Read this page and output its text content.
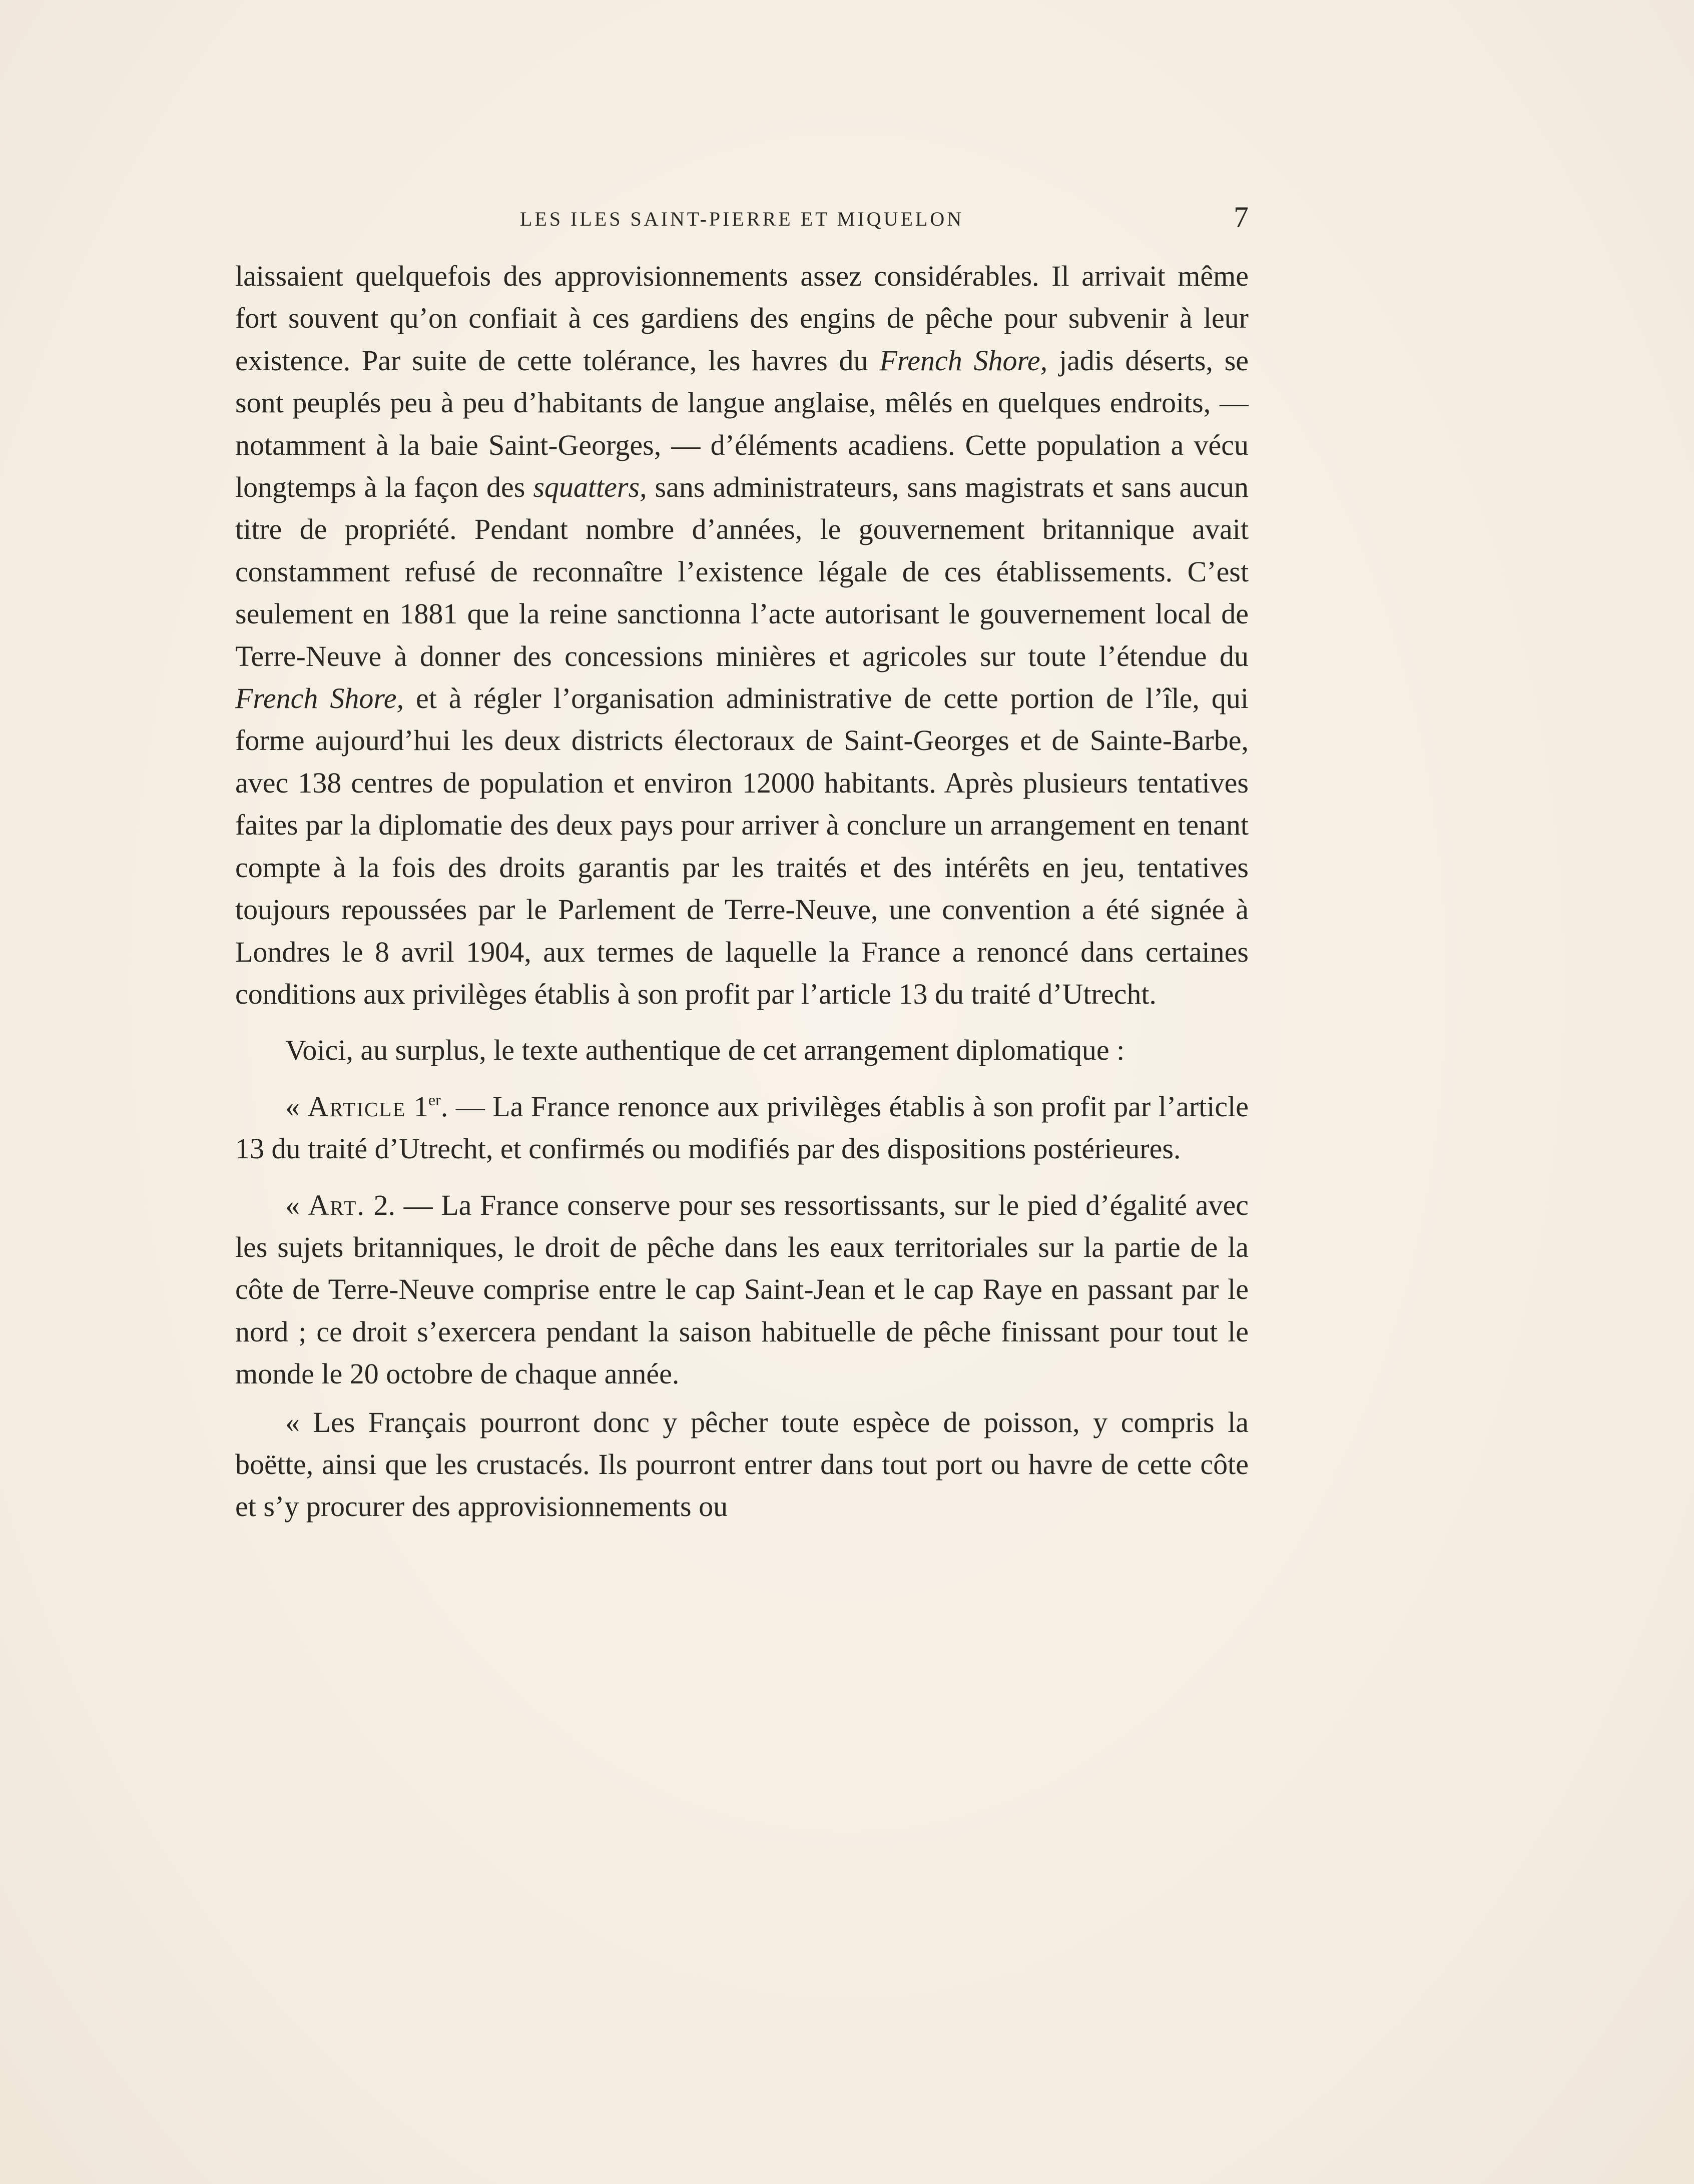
LES ILES SAINT-PIERRE ET MIQUELON	7

laissaient quelquefois des approvisionnements assez considérables. Il arrivait même fort souvent qu’on confiait à ces gardiens des engins de pêche pour subvenir à leur existence. Par suite de cette tolérance, les havres du French Shore, jadis déserts, se sont peuplés peu à peu d’habitants de langue anglaise, mêlés en quelques endroits, — notamment à la baie Saint-Georges, — d’éléments acadiens. Cette population a vécu longtemps à la façon des squatters, sans administrateurs, sans magistrats et sans aucun titre de propriété. Pendant nombre d’années, le gouvernement britannique avait constamment refusé de reconnaître l’existence légale de ces établissements. C’est seulement en 1881 que la reine sanctionna l’acte autorisant le gouvernement local de Terre-Neuve à donner des concessions minières et agricoles sur toute l’étendue du French Shore, et à régler l’organisation administrative de cette portion de l’île, qui forme aujourd’hui les deux districts électoraux de Saint-Georges et de Sainte-Barbe, avec 138 centres de population et environ 12000 habitants. Après plusieurs tentatives faites par la diplomatie des deux pays pour arriver à conclure un arrangement en tenant compte à la fois des droits garantis par les traités et des intérêts en jeu, tentatives toujours repoussées par le Parlement de Terre-Neuve, une convention a été signée à Londres le 8 avril 1904, aux termes de laquelle la France a renoncé dans certaines conditions aux privilèges établis à son profit par l’article 13 du traité d’Utrecht.

Voici, au surplus, le texte authentique de cet arrangement diplomatique :

« Article 1er. — La France renonce aux privilèges établis à son profit par l’article 13 du traité d’Utrecht, et confirmés ou modifiés par des dispositions postérieures.

« Art. 2. — La France conserve pour ses ressortissants, sur le pied d’égalité avec les sujets britanniques, le droit de pêche dans les eaux territoriales sur la partie de la côte de Terre-Neuve comprise entre le cap Saint-Jean et le cap Raye en passant par le nord ; ce droit s’exercera pendant la saison habituelle de pêche finissant pour tout le monde le 20 octobre de chaque année.

« Les Français pourront donc y pêcher toute espèce de poisson, y compris la boëtte, ainsi que les crustacés. Ils pourront entrer dans tout port ou havre de cette côte et s’y procurer des approvisionnements ou
